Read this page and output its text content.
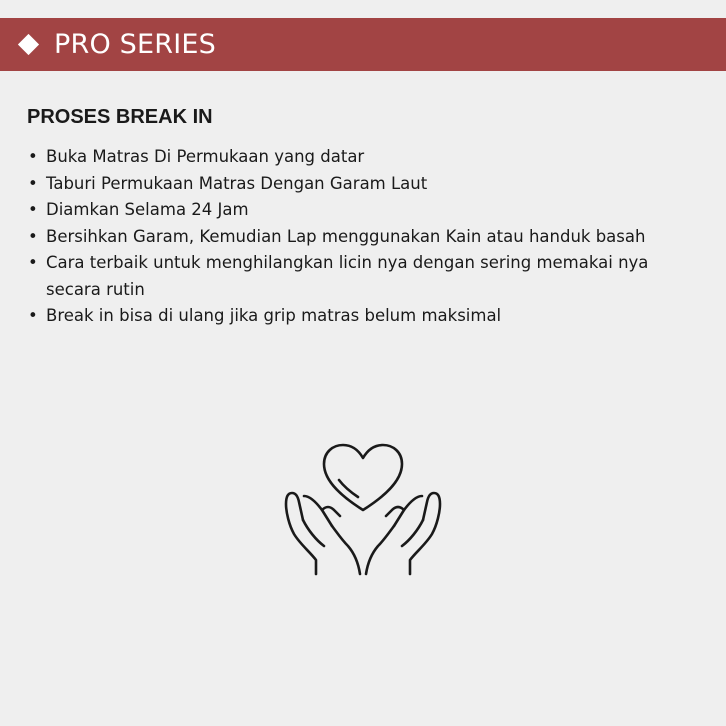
PRO SERIES
PROSES BREAK IN
• Buka Matras Di Permukaan yang datar
• Taburi Permukaan Matras Dengan Garam Laut
• Diamkan Selama 24 Jam
• Bersihkan Garam, Kemudian Lap menggunakan Kain atau handuk basah
• Cara terbaik untuk menghilangkan licin nya dengan sering memakai nya secara rutin
• Break in bisa di ulang jika grip matras belum maksimal
